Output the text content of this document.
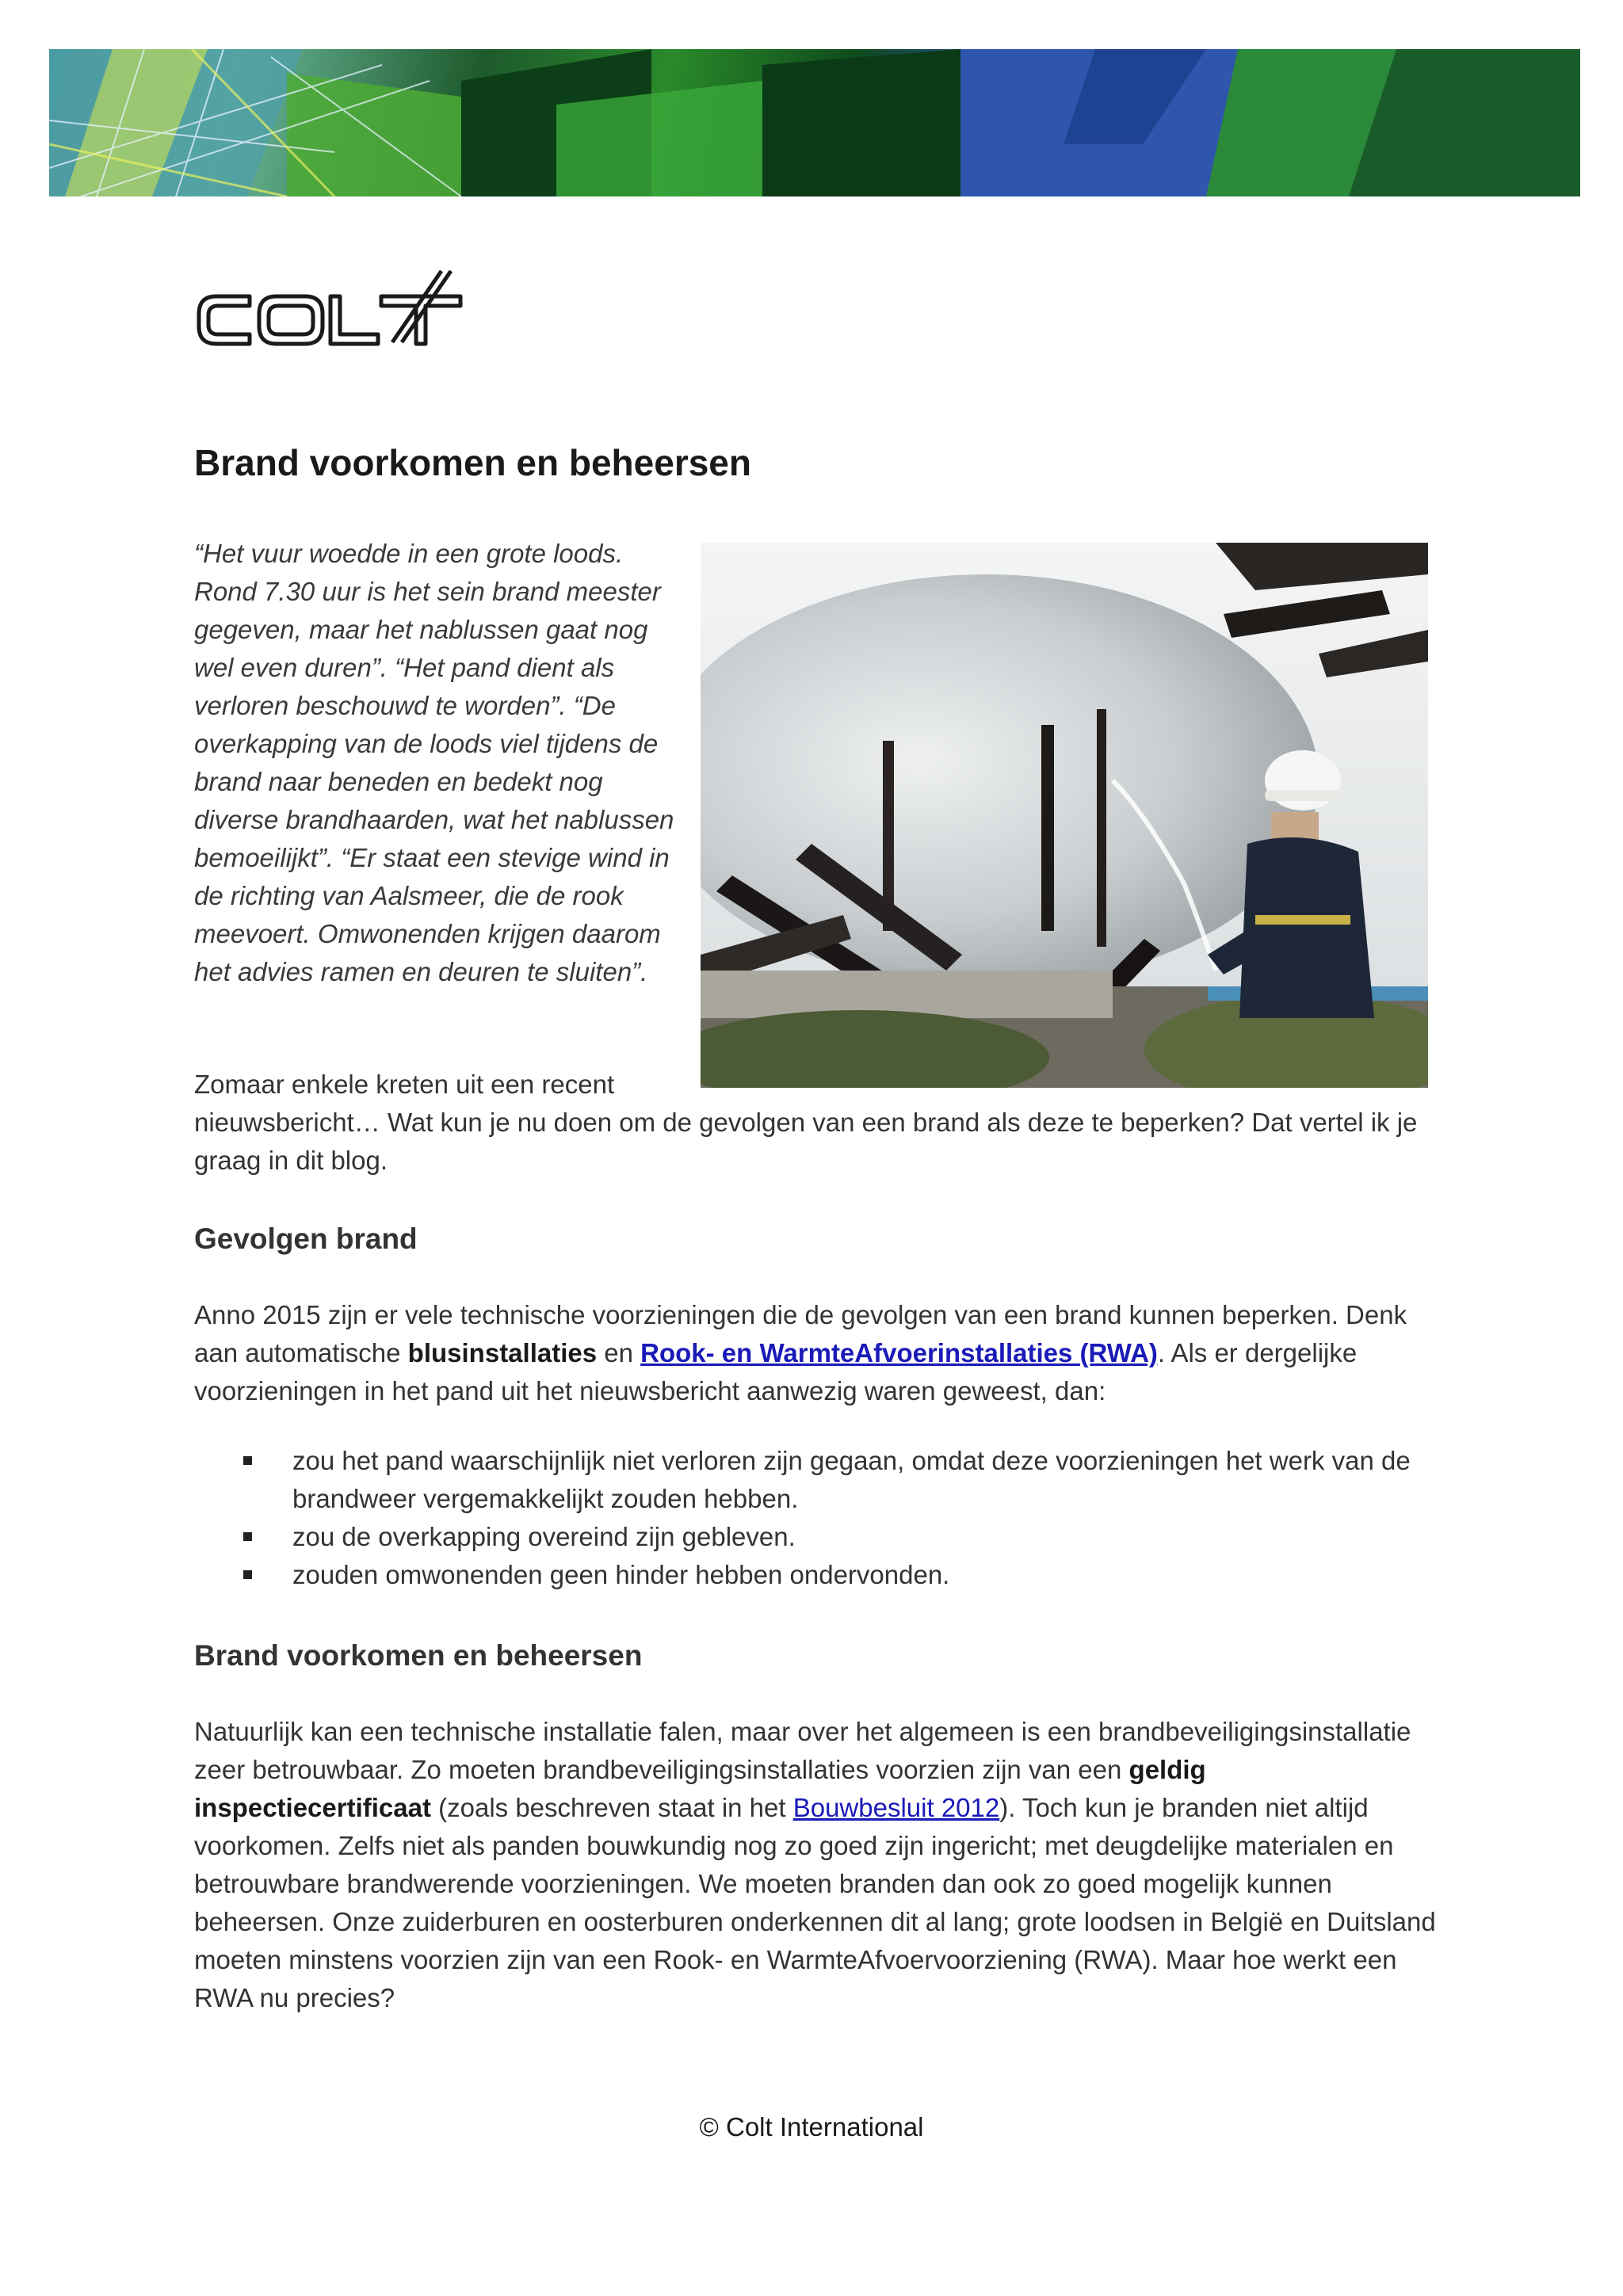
Brand voorkomen en beheersen

“Het vuur woedde in een grote loods. Rond 7.30 uur is het sein brand meester gegeven, maar het nablussen gaat nog wel even duren”. “Het pand dient als verloren beschouwd te worden”. “De overkapping van de loods viel tijdens de brand naar beneden en bedekt nog diverse brandhaarden, wat het nablussen bemoeilijkt”. “Er staat een stevige wind in de richting van Aalsmeer, die de rook meevoert. Omwonenden krijgen daarom het advies ramen en deuren te sluiten”.

Zomaar enkele kreten uit een recent
nieuwsbericht… Wat kun je nu doen om de gevolgen van een brand als deze te beperken? Dat vertel ik je graag in dit blog.

Gevolgen brand

Anno 2015 zijn er vele technische voorzieningen die de gevolgen van een brand kunnen beperken. Denk aan automatische blusinstallaties en Rook- en WarmteAfvoerinstallaties (RWA). Als er dergelijke voorzieningen in het pand uit het nieuwsbericht aanwezig waren geweest, dan:

zou het pand waarschijnlijk niet verloren zijn gegaan, omdat deze voorzieningen het werk van de brandweer vergemakkelijkt zouden hebben.
zou de overkapping overeind zijn gebleven.
zouden omwonenden geen hinder hebben ondervonden.
Brand voorkomen en beheersen

Natuurlijk kan een technische installatie falen, maar over het algemeen is een brandbeveiligingsinstallatie zeer betrouwbaar. Zo moeten brandbeveiligingsinstallaties voorzien zijn van een geldig inspectiecertificaat (zoals beschreven staat in het Bouwbesluit 2012). Toch kun je branden niet altijd voorkomen. Zelfs niet als panden bouwkundig nog zo goed zijn ingericht; met deugdelijke materialen en betrouwbare brandwerende voorzieningen. We moeten branden dan ook zo goed mogelijk kunnen beheersen. Onze zuiderburen en oosterburen onderkennen dit al lang; grote loodsen in België en Duitsland moeten minstens voorzien zijn van een Rook- en WarmteAfvoervoorziening (RWA). Maar hoe werkt een RWA nu precies?

© Colt International
